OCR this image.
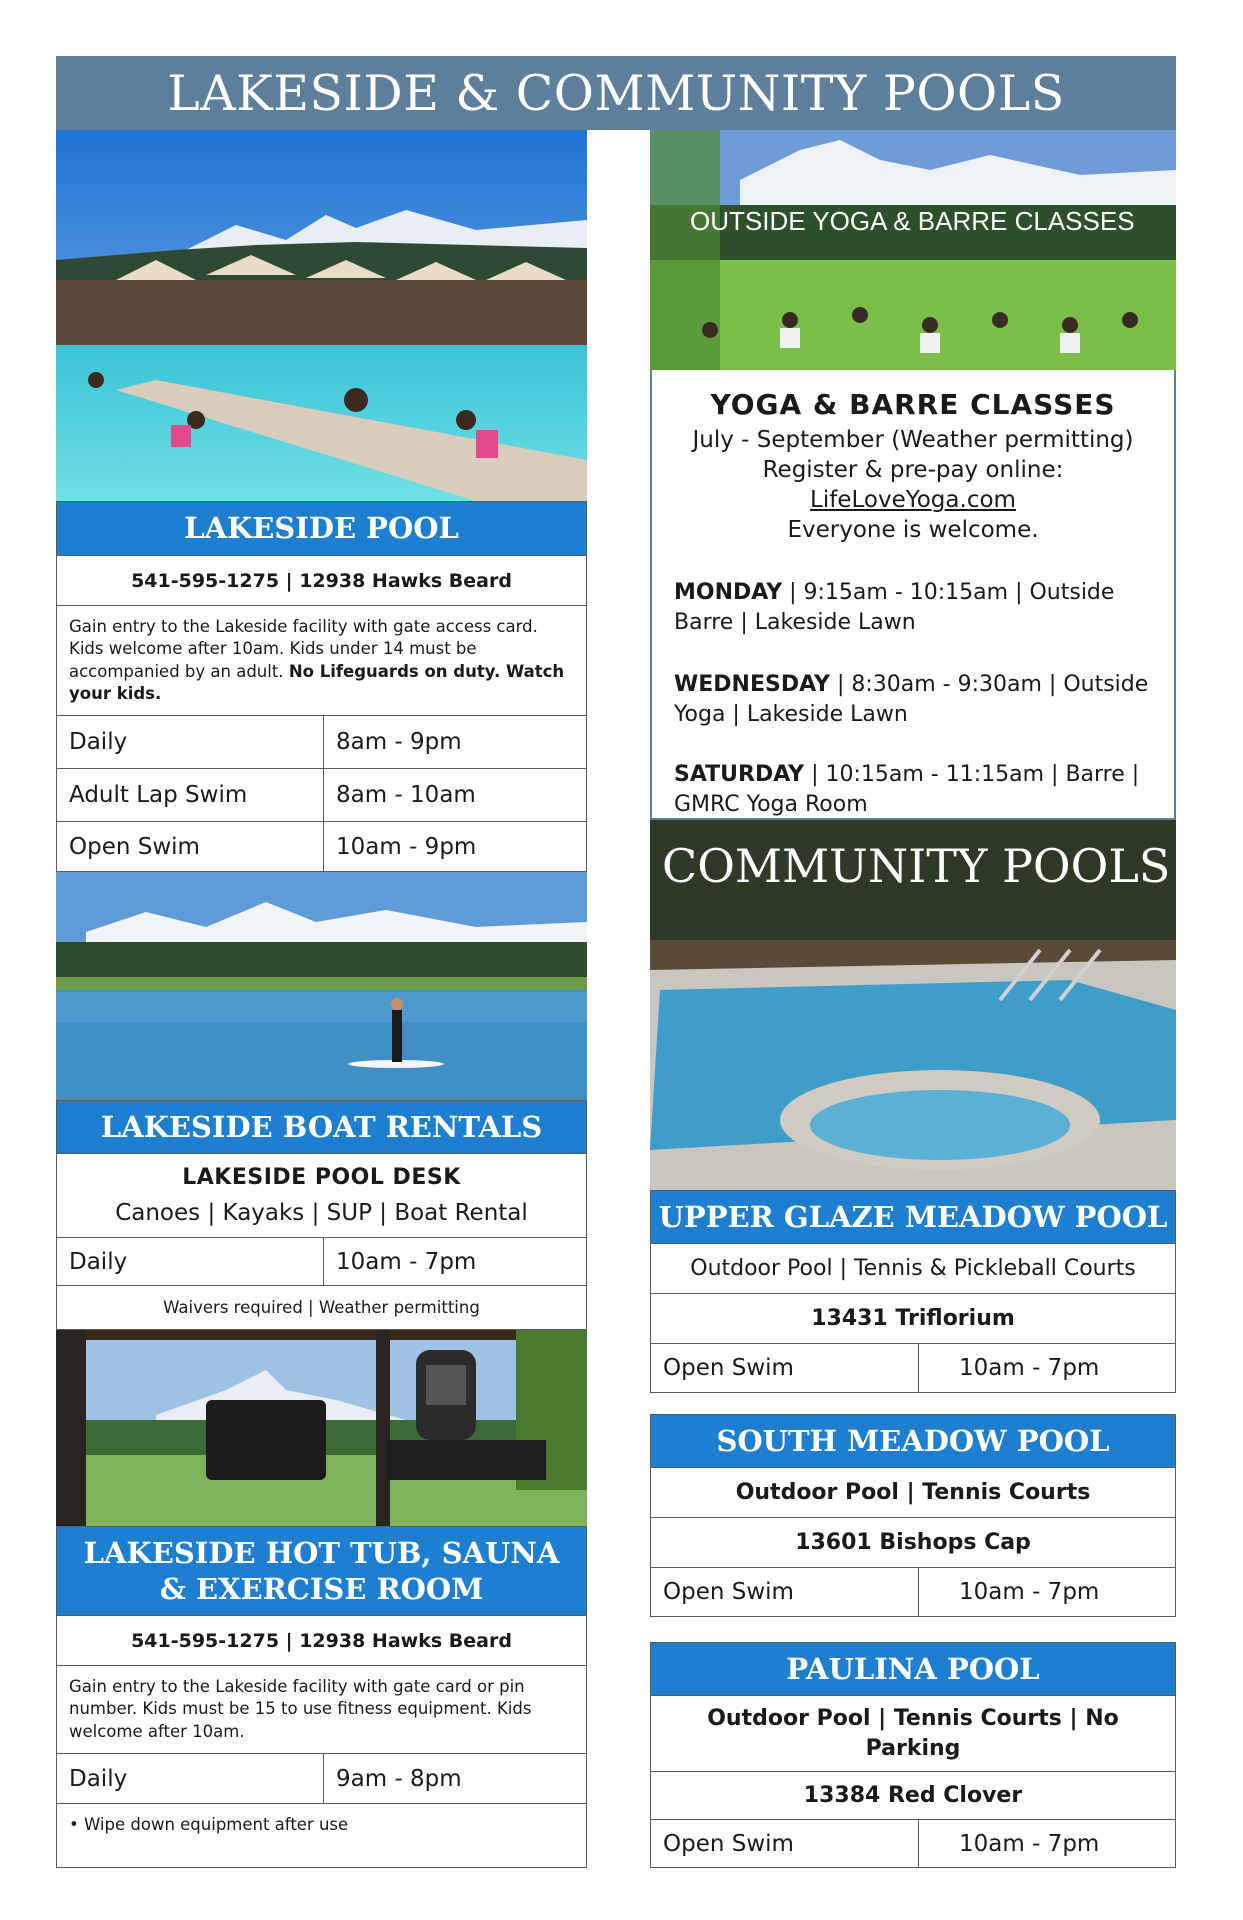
LAKESIDE & COMMUNITY POOLS
LAKESIDE POOL
541-595-1275 | 12938 Hawks Beard
Gain entry to the Lakeside facility with gate access card. Kids welcome after 10am. Kids under 14 must be accompanied by an adult. No Lifeguards on duty. Watch your kids.
Daily	8am - 9pm
Adult Lap Swim	8am - 10am
Open Swim	10am - 9pm
LAKESIDE BOAT RENTALS
LAKESIDE POOL DESK
Canoes | Kayaks | SUP | Boat Rental
Daily	10am - 7pm
Waivers required | Weather permitting
LAKESIDE HOT TUB, SAUNA
& EXERCISE ROOM
541-595-1275 | 12938 Hawks Beard
Gain entry to the Lakeside facility with gate card or pin number. Kids must be 15 to use fitness equipment. Kids welcome after 10am.
Daily	9am - 8pm
• Wipe down equipment after use
OUTSIDE YOGA & BARRE CLASSES
YOGA & BARRE CLASSES
July - September (Weather permitting)
Register & pre-pay online:
LifeLoveYoga.com
Everyone is welcome.
MONDAY | 9:15am - 10:15am | Outside Barre | Lakeside Lawn
WEDNESDAY | 8:30am - 9:30am | Outside Yoga | Lakeside Lawn
SATURDAY | 10:15am - 11:15am | Barre | GMRC Yoga Room
COMMUNITY POOLS
UPPER GLAZE MEADOW POOL
Outdoor Pool | Tennis & Pickleball Courts
13431 Triflorium
Open Swim	10am - 7pm
SOUTH MEADOW POOL
Outdoor Pool | Tennis Courts
13601 Bishops Cap
Open Swim	10am - 7pm
PAULINA POOL
Outdoor Pool | Tennis Courts | No Parking
13384 Red Clover
Open Swim	10am - 7pm
